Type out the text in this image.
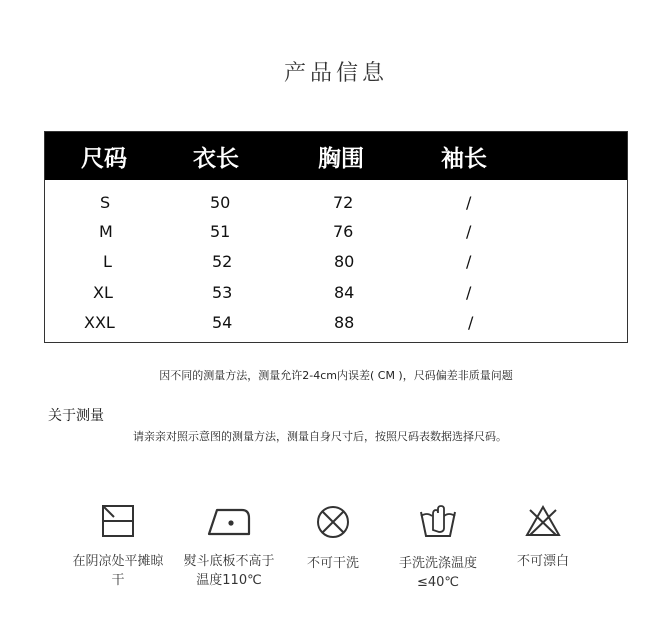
产品信息
尺码	衣长	胸围	袖长
S	50	72	/
M	51	76	/
L	52	80	/
XL	53	84	/
XXL	54	88	/
因不同的测量方法，测量允许2-4cm内误差( CM )，尺码偏差非质量问题
关于测量
请亲亲对照示意图的测量方法，测量自身尺寸后，按照尺码表数据选择尺码。
在阴凉处平摊晾干
熨斗底板不高于温度110℃
不可干洗	手洗洗涤温度≤40℃
不可漂白
